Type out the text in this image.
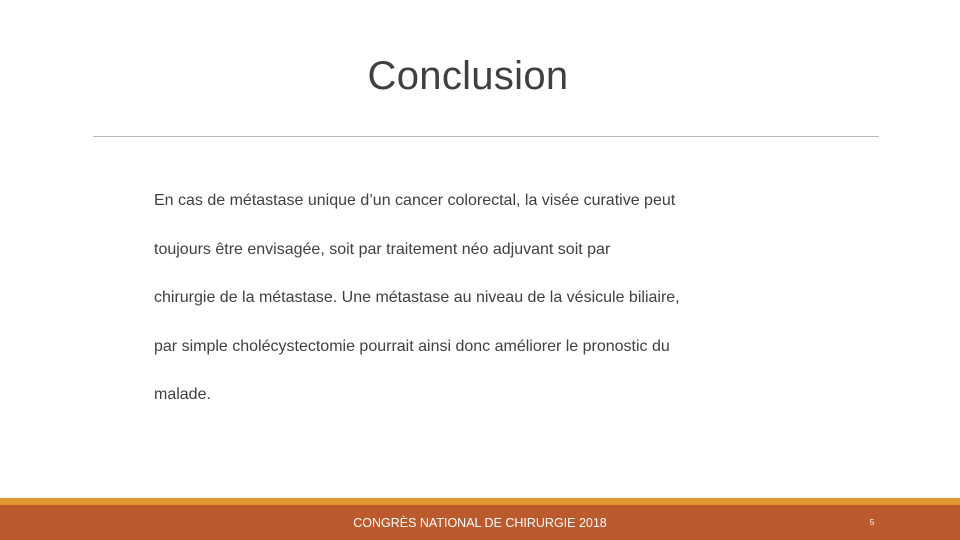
Conclusion
En cas de métastase unique d’un cancer colorectal, la visée curative peut
toujours être envisagée, soit par traitement néo adjuvant soit par
chirurgie de la métastase. Une métastase au niveau de la vésicule biliaire,
par simple cholécystectomie pourrait ainsi donc améliorer le pronostic du
malade.
CONGRÈS NATIONAL DE CHIRURGIE 2018	5
